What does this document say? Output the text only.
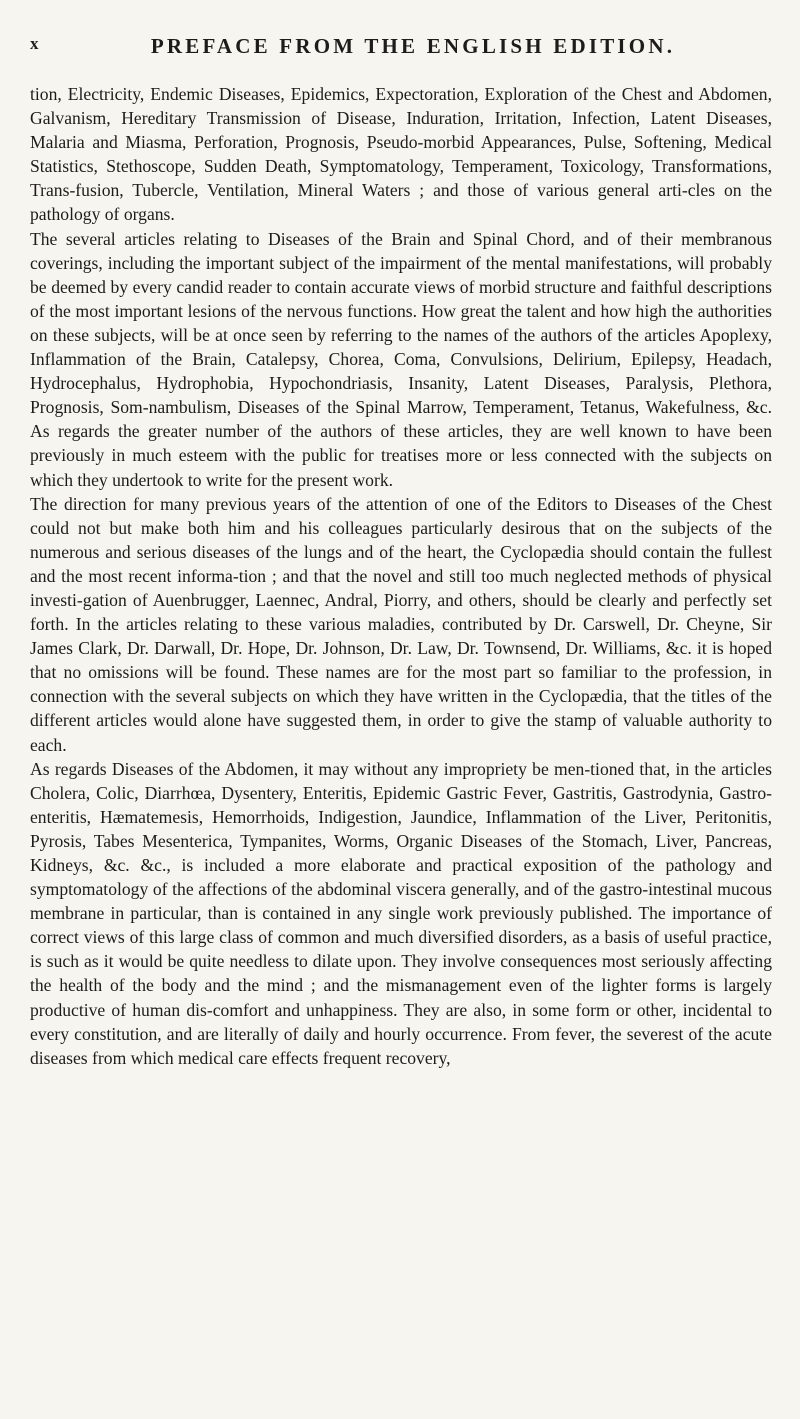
x	PREFACE FROM THE ENGLISH EDITION.

tion, Electricity, Endemic Diseases, Epidemics, Expectoration, Exploration of the Chest and Abdomen, Galvanism, Hereditary Transmission of Disease, Induration, Irritation, Infection, Latent Diseases, Malaria and Miasma, Perforation, Prognosis, Pseudo-morbid Appearances, Pulse, Softening, Medical Statistics, Stethoscope, Sudden Death, Symptomatology, Temperament, Toxicology, Transformations, Trans-fusion, Tubercle, Ventilation, Mineral Waters ; and those of various general arti-cles on the pathology of organs.

The several articles relating to Diseases of the Brain and Spinal Chord, and of their membranous coverings, including the important subject of the impairment of the mental manifestations, will probably be deemed by every candid reader to contain accurate views of morbid structure and faithful descriptions of the most important lesions of the nervous functions. How great the talent and how high the authorities on these subjects, will be at once seen by referring to the names of the authors of the articles Apoplexy, Inflammation of the Brain, Catalepsy, Chorea, Coma, Convulsions, Delirium, Epilepsy, Headach, Hydrocephalus, Hydrophobia, Hypochondriasis, Insanity, Latent Diseases, Paralysis, Plethora, Prognosis, Som-nambulism, Diseases of the Spinal Marrow, Temperament, Tetanus, Wakefulness, &c. As regards the greater number of the authors of these articles, they are well known to have been previously in much esteem with the public for treatises more or less connected with the subjects on which they undertook to write for the present work.

The direction for many previous years of the attention of one of the Editors to Diseases of the Chest could not but make both him and his colleagues particularly desirous that on the subjects of the numerous and serious diseases of the lungs and of the heart, the Cyclopædia should contain the fullest and the most recent informa-tion ; and that the novel and still too much neglected methods of physical investi-gation of Auenbrugger, Laennec, Andral, Piorry, and others, should be clearly and perfectly set forth. In the articles relating to these various maladies, contributed by Dr. Carswell, Dr. Cheyne, Sir James Clark, Dr. Darwall, Dr. Hope, Dr. Johnson, Dr. Law, Dr. Townsend, Dr. Williams, &c. it is hoped that no omissions will be found. These names are for the most part so familiar to the profession, in connection with the several subjects on which they have written in the Cyclopædia, that the titles of the different articles would alone have suggested them, in order to give the stamp of valuable authority to each.

As regards Diseases of the Abdomen, it may without any impropriety be men-tioned that, in the articles Cholera, Colic, Diarrhœa, Dysentery, Enteritis, Epidemic Gastric Fever, Gastritis, Gastrodynia, Gastro-enteritis, Hæmatemesis, Hemorrhoids, Indigestion, Jaundice, Inflammation of the Liver, Peritonitis, Pyrosis, Tabes Mesenterica, Tympanites, Worms, Organic Diseases of the Stomach, Liver, Pancreas, Kidneys, &c. &c., is included a more elaborate and practical exposition of the pathology and symptomatology of the affections of the abdominal viscera generally, and of the gastro-intestinal mucous membrane in particular, than is contained in any single work previously published. The importance of correct views of this large class of common and much diversified disorders, as a basis of useful practice, is such as it would be quite needless to dilate upon. They involve consequences most seriously affecting the health of the body and the mind ; and the mismanagement even of the lighter forms is largely productive of human dis-comfort and unhappiness. They are also, in some form or other, incidental to every constitution, and are literally of daily and hourly occurrence. From fever, the severest of the acute diseases from which medical care effects frequent recovery,
